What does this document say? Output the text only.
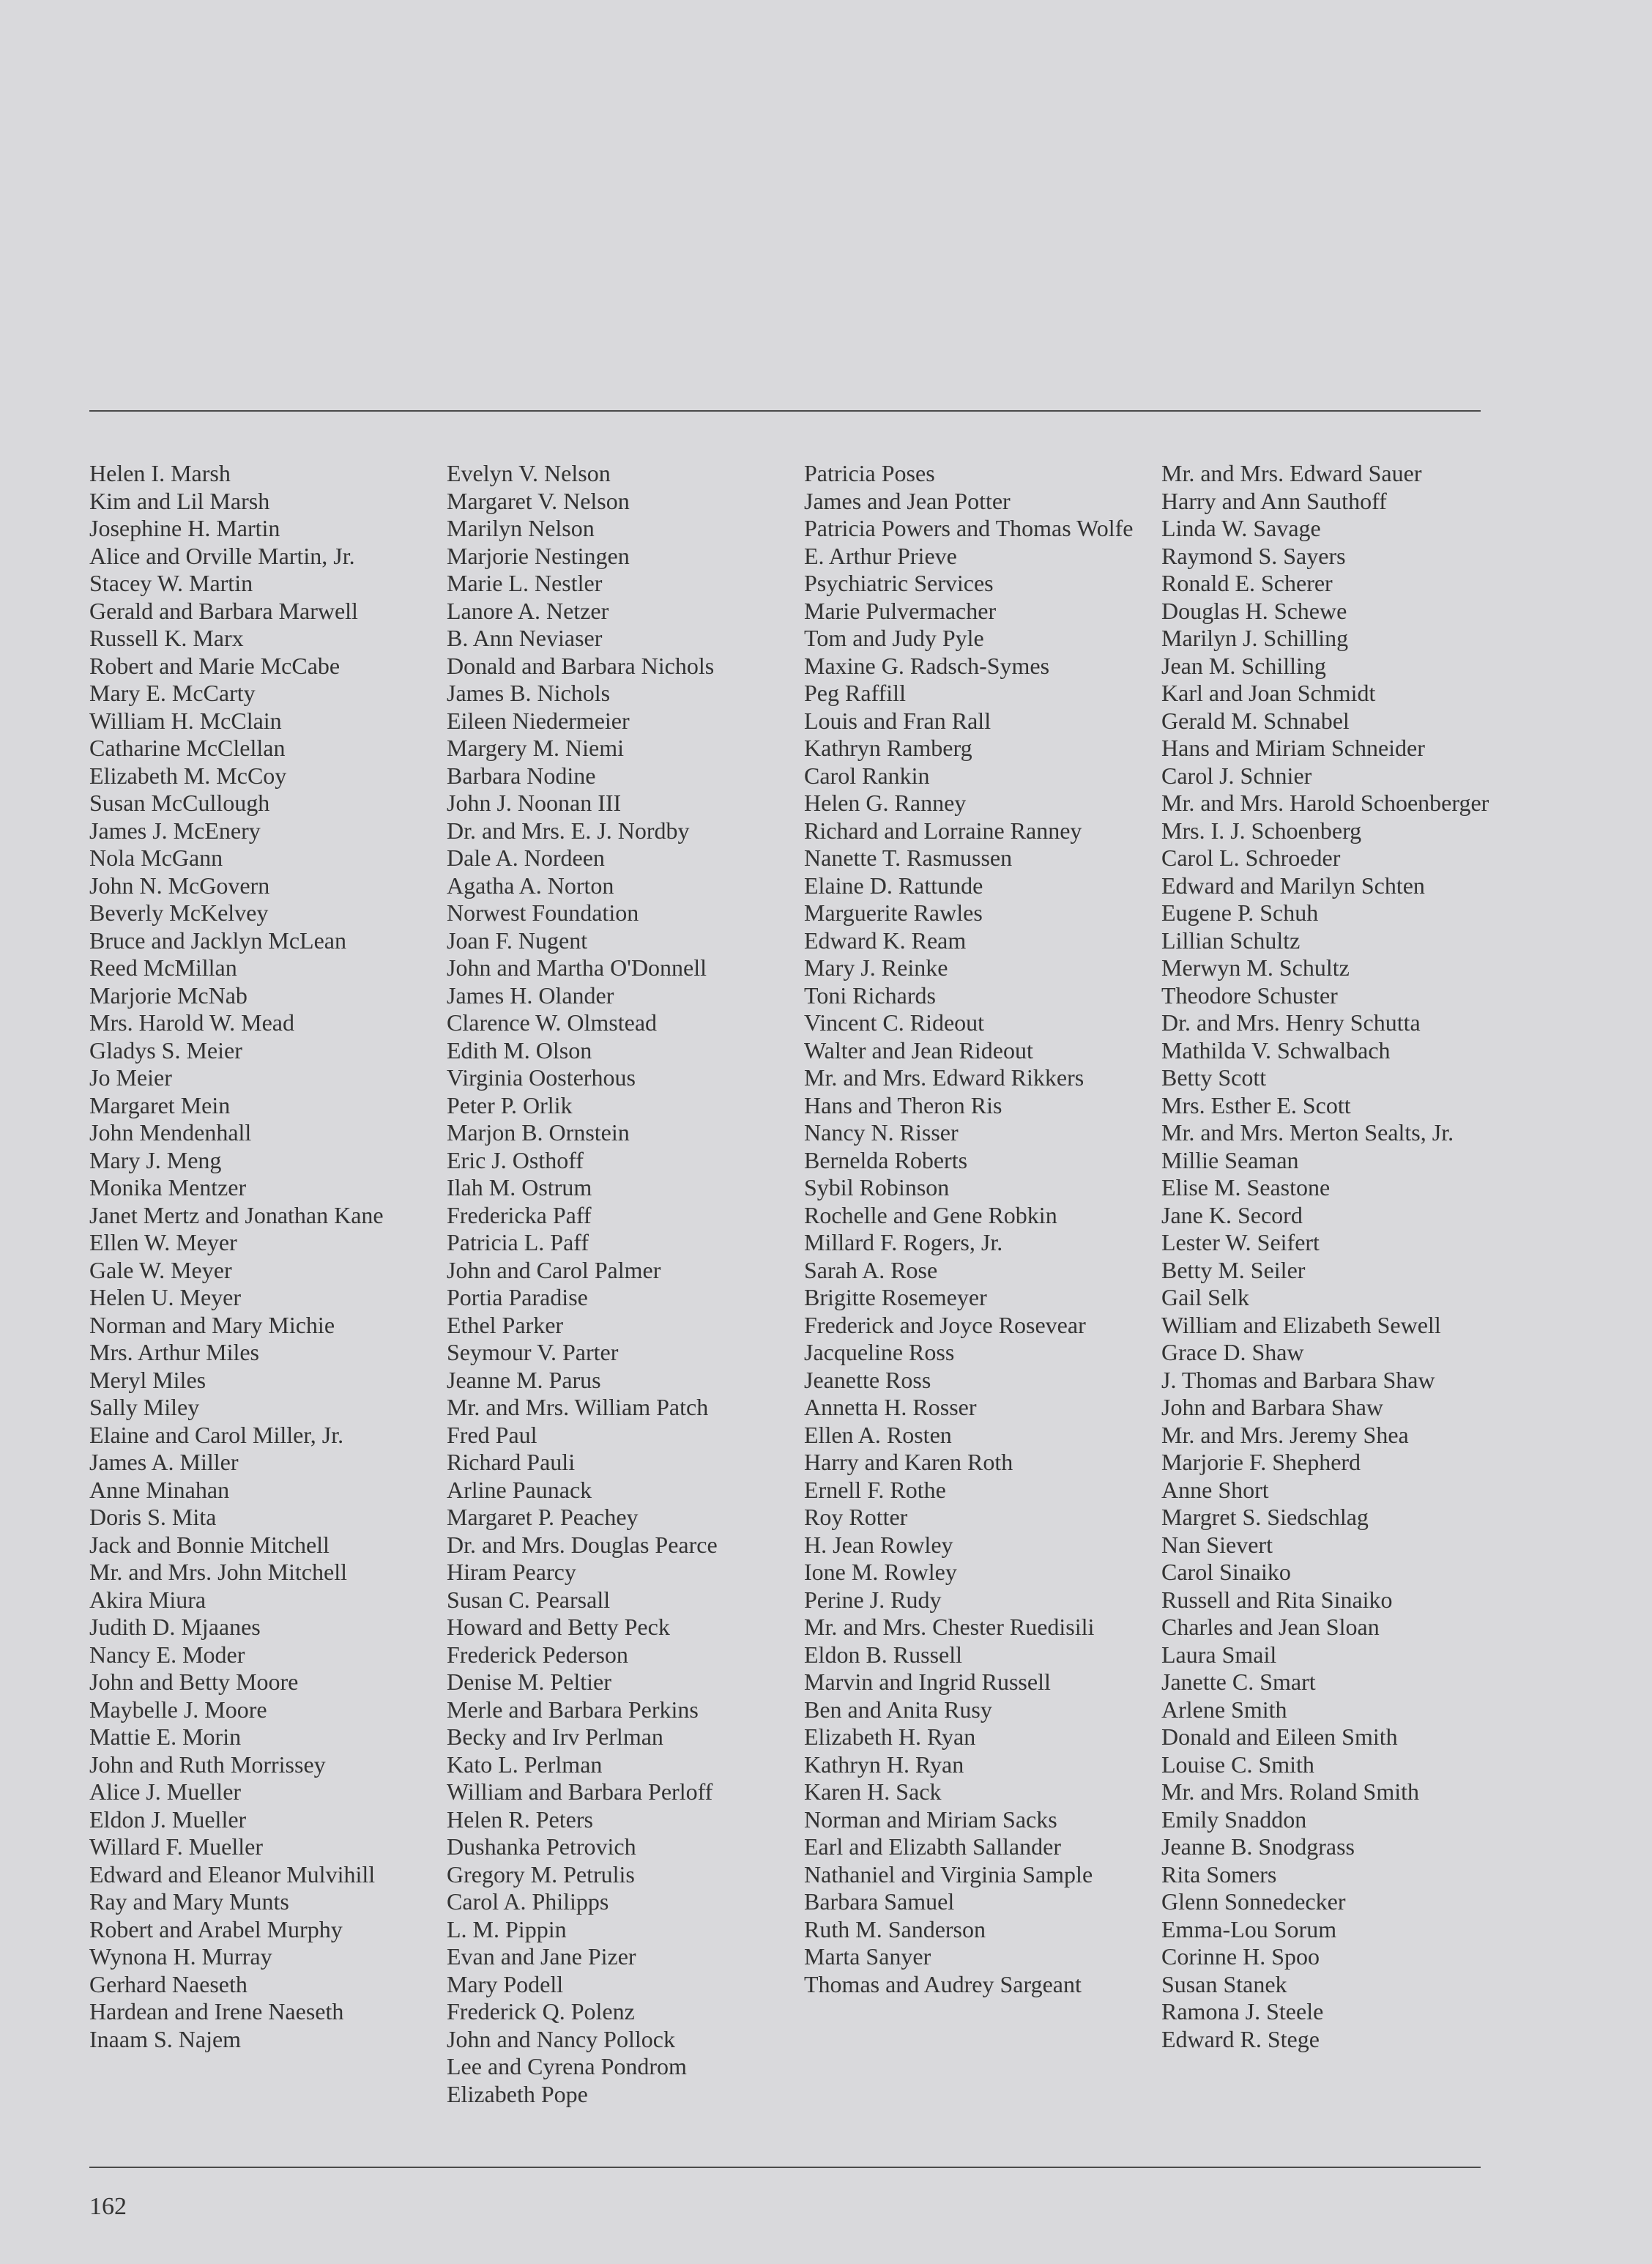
Helen I. Marsh
Kim and Lil Marsh
Josephine H. Martin
Alice and Orville Martin, Jr.
Stacey W. Martin
Gerald and Barbara Marwell
Russell K. Marx
Robert and Marie McCabe
Mary E. McCarty
William H. McClain
Catharine McClellan
Elizabeth M. McCoy
Susan McCullough
James J. McEnery
Nola McGann
John N. McGovern
Beverly McKelvey
Bruce and Jacklyn McLean
Reed McMillan
Marjorie McNab
Mrs. Harold W. Mead
Gladys S. Meier
Jo Meier
Margaret Mein
John Mendenhall
Mary J. Meng
Monika Mentzer
Janet Mertz and Jonathan Kane
Ellen W. Meyer
Gale W. Meyer
Helen U. Meyer
Norman and Mary Michie
Mrs. Arthur Miles
Meryl Miles
Sally Miley
Elaine and Carol Miller, Jr.
James A. Miller
Anne Minahan
Doris S. Mita
Jack and Bonnie Mitchell
Mr. and Mrs. John Mitchell
Akira Miura
Judith D. Mjaanes
Nancy E. Moder
John and Betty Moore
Maybelle J. Moore
Mattie E. Morin
John and Ruth Morrissey
Alice J. Mueller
Eldon J. Mueller
Willard F. Mueller
Edward and Eleanor Mulvihill
Ray and Mary Munts
Robert and Arabel Murphy
Wynona H. Murray
Gerhard Naeseth
Hardean and Irene Naeseth
Inaam S. Najem
Evelyn V. Nelson
Margaret V. Nelson
Marilyn Nelson
Marjorie Nestingen
Marie L. Nestler
Lanore A. Netzer
B. Ann Neviaser
Donald and Barbara Nichols
James B. Nichols
Eileen Niedermeier
Margery M. Niemi
Barbara Nodine
John J. Noonan III
Dr. and Mrs. E. J. Nordby
Dale A. Nordeen
Agatha A. Norton
Norwest Foundation
Joan F. Nugent
John and Martha O'Donnell
James H. Olander
Clarence W. Olmstead
Edith M. Olson
Virginia Oosterhous
Peter P. Orlik
Marjon B. Ornstein
Eric J. Osthoff
Ilah M. Ostrum
Fredericka Paff
Patricia L. Paff
John and Carol Palmer
Portia Paradise
Ethel Parker
Seymour V. Parter
Jeanne M. Parus
Mr. and Mrs. William Patch
Fred Paul
Richard Pauli
Arline Paunack
Margaret P. Peachey
Dr. and Mrs. Douglas Pearce
Hiram Pearcy
Susan C. Pearsall
Howard and Betty Peck
Frederick Pederson
Denise M. Peltier
Merle and Barbara Perkins
Becky and Irv Perlman
Kato L. Perlman
William and Barbara Perloff
Helen R. Peters
Dushanka Petrovich
Gregory M. Petrulis
Carol A. Philipps
L. M. Pippin
Evan and Jane Pizer
Mary Podell
Frederick Q. Polenz
John and Nancy Pollock
Lee and Cyrena Pondrom
Elizabeth Pope
Patricia Poses
James and Jean Potter
Patricia Powers and Thomas Wolfe
E. Arthur Prieve
Psychiatric Services
Marie Pulvermacher
Tom and Judy Pyle
Maxine G. Radsch-Symes
Peg Raffill
Louis and Fran Rall
Kathryn Ramberg
Carol Rankin
Helen G. Ranney
Richard and Lorraine Ranney
Nanette T. Rasmussen
Elaine D. Rattunde
Marguerite Rawles
Edward K. Ream
Mary J. Reinke
Toni Richards
Vincent C. Rideout
Walter and Jean Rideout
Mr. and Mrs. Edward Rikkers
Hans and Theron Ris
Nancy N. Risser
Bernelda Roberts
Sybil Robinson
Rochelle and Gene Robkin
Millard F. Rogers, Jr.
Sarah A. Rose
Brigitte Rosemeyer
Frederick and Joyce Rosevear
Jacqueline Ross
Jeanette Ross
Annetta H. Rosser
Ellen A. Rosten
Harry and Karen Roth
Ernell F. Rothe
Roy Rotter
H. Jean Rowley
Ione M. Rowley
Perine J. Rudy
Mr. and Mrs. Chester Ruedisili
Eldon B. Russell
Marvin and Ingrid Russell
Ben and Anita Rusy
Elizabeth H. Ryan
Kathryn H. Ryan
Karen H. Sack
Norman and Miriam Sacks
Earl and Elizabth Sallander
Nathaniel and Virginia Sample
Barbara Samuel
Ruth M. Sanderson
Marta Sanyer
Thomas and Audrey Sargeant
Mr. and Mrs. Edward Sauer
Harry and Ann Sauthoff
Linda W. Savage
Raymond S. Sayers
Ronald E. Scherer
Douglas H. Schewe
Marilyn J. Schilling
Jean M. Schilling
Karl and Joan Schmidt
Gerald M. Schnabel
Hans and Miriam Schneider
Carol J. Schnier
Mr. and Mrs. Harold Schoenberger
Mrs. I. J. Schoenberg
Carol L. Schroeder
Edward and Marilyn Schten
Eugene P. Schuh
Lillian Schultz
Merwyn M. Schultz
Theodore Schuster
Dr. and Mrs. Henry Schutta
Mathilda V. Schwalbach
Betty Scott
Mrs. Esther E. Scott
Mr. and Mrs. Merton Sealts, Jr.
Millie Seaman
Elise M. Seastone
Jane K. Secord
Lester W. Seifert
Betty M. Seiler
Gail Selk
William and Elizabeth Sewell
Grace D. Shaw
J. Thomas and Barbara Shaw
John and Barbara Shaw
Mr. and Mrs. Jeremy Shea
Marjorie F. Shepherd
Anne Short
Margret S. Siedschlag
Nan Sievert
Carol Sinaiko
Russell and Rita Sinaiko
Charles and Jean Sloan
Laura Smail
Janette C. Smart
Arlene Smith
Donald and Eileen Smith
Louise C. Smith
Mr. and Mrs. Roland Smith
Emily Snaddon
Jeanne B. Snodgrass
Rita Somers
Glenn Sonnedecker
Emma-Lou Sorum
Corinne H. Spoo
Susan Stanek
Ramona J. Steele
Edward R. Stege
162
